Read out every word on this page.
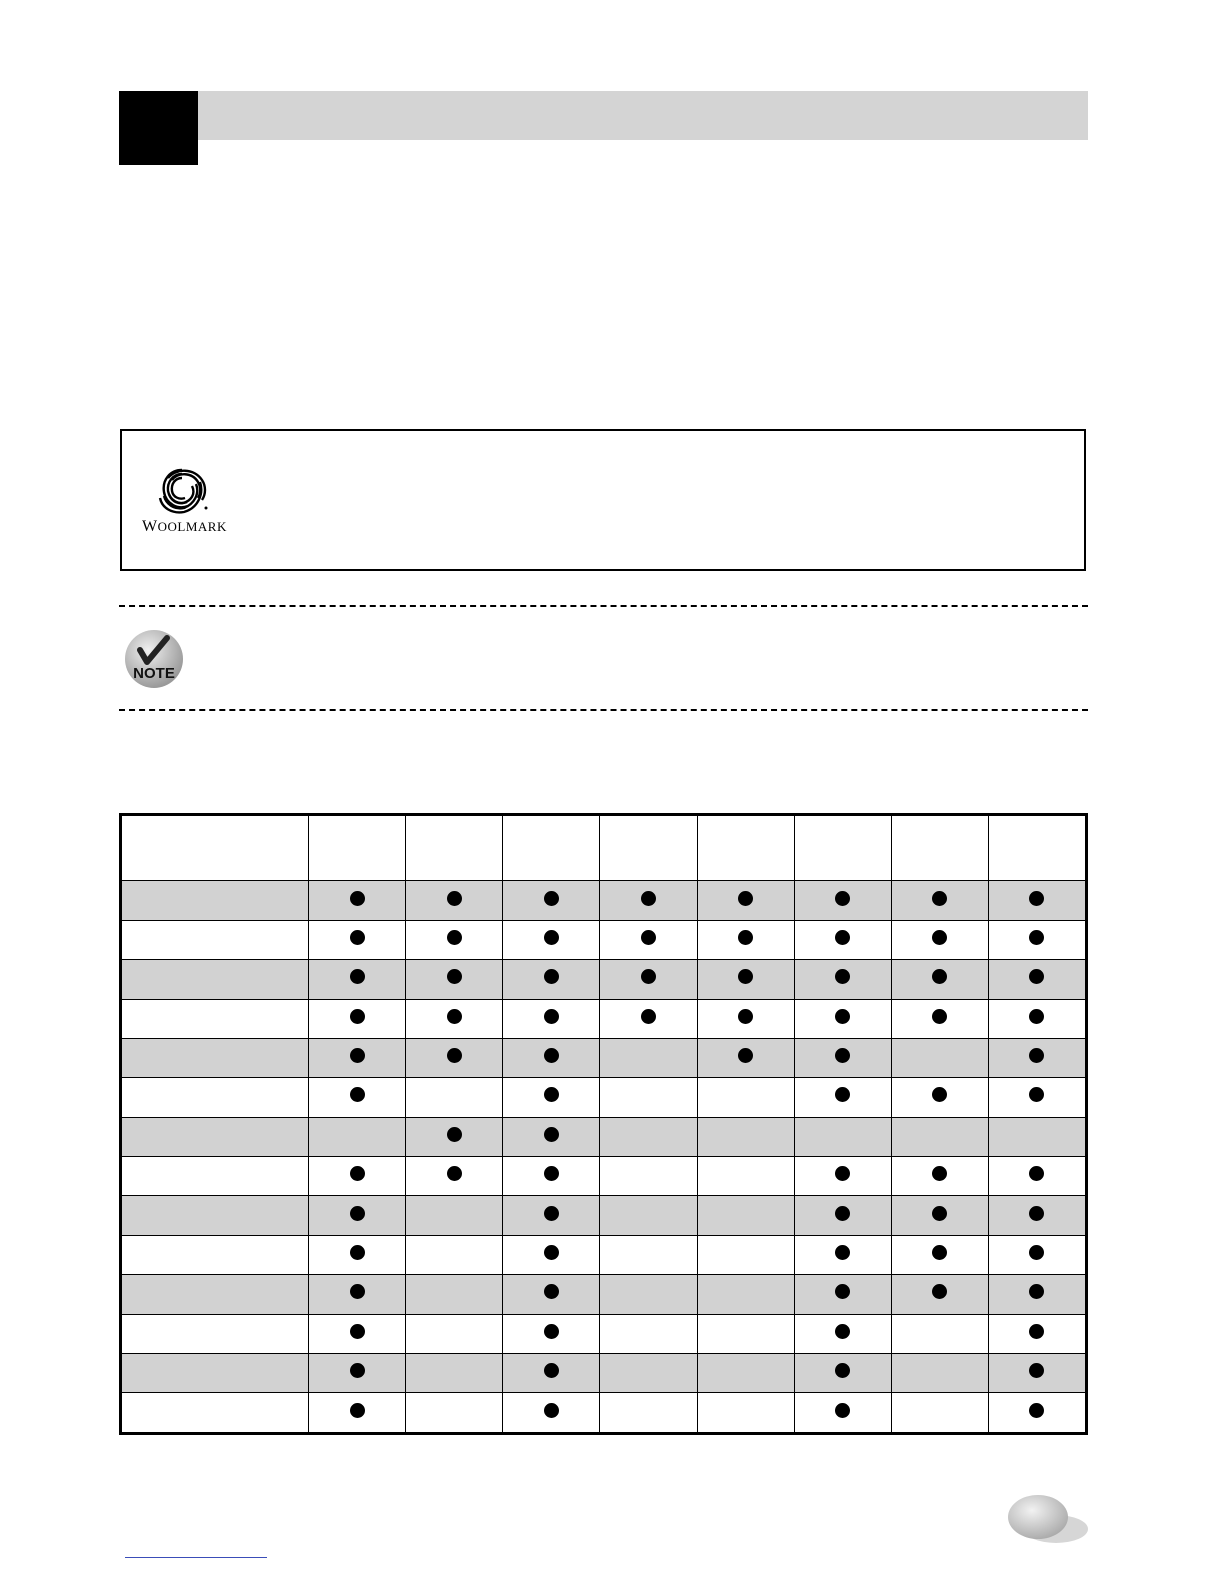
WOOLMARK
NOTE
